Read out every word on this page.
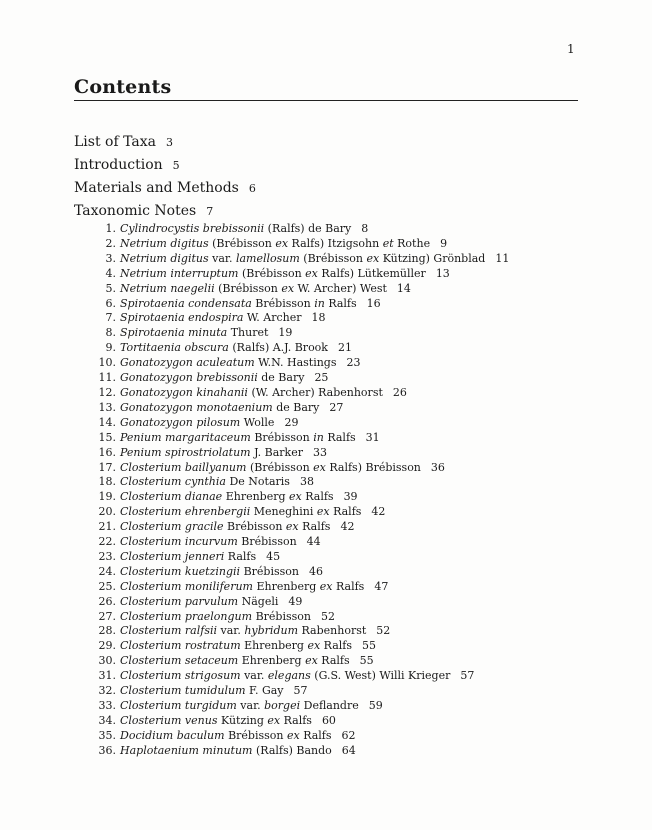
1
Contents
List of Taxa 3
Introduction 5
Materials and Methods 6
Taxonomic Notes 7
1. Cylindrocystis brebissonii (Ralfs) de Bary 8
2. Netrium digitus (Brébisson ex Ralfs) Itzigsohn et Rothe 9
3. Netrium digitus var. lamellosum (Brébisson ex Kützing) Grönblad 11
4. Netrium interruptum (Brébisson ex Ralfs) Lütkemüller 13
5. Netrium naegelii (Brébisson ex W. Archer) West 14
6. Spirotaenia condensata Brébisson in Ralfs 16
7. Spirotaenia endospira W. Archer 18
8. Spirotaenia minuta Thuret 19
9. Tortitaenia obscura (Ralfs) A.J. Brook 21
10. Gonatozygon aculeatum W.N. Hastings 23
11. Gonatozygon brebissonii de Bary 25
12. Gonatozygon kinahanii (W. Archer) Rabenhorst 26
13. Gonatozygon monotaenium de Bary 27
14. Gonatozygon pilosum Wolle 29
15. Penium margaritaceum Brébisson in Ralfs 31
16. Penium spirostriolatum J. Barker 33
17. Closterium baillyanum (Brébisson ex Ralfs) Brébisson 36
18. Closterium cynthia De Notaris 38
19. Closterium dianae Ehrenberg ex Ralfs 39
20. Closterium ehrenbergii Meneghini ex Ralfs 42
21. Closterium gracile Brébisson ex Ralfs 42
22. Closterium incurvum Brébisson 44
23. Closterium jenneri Ralfs 45
24. Closterium kuetzingii Brébisson 46
25. Closterium moniliferum Ehrenberg ex Ralfs 47
26. Closterium parvulum Nägeli 49
27. Closterium praelongum Brébisson 52
28. Closterium ralfsii var. hybridum Rabenhorst 52
29. Closterium rostratum Ehrenberg ex Ralfs 55
30. Closterium setaceum Ehrenberg ex Ralfs 55
31. Closterium strigosum var. elegans (G.S. West) Willi Krieger 57
32. Closterium tumidulum F. Gay 57
33. Closterium turgidum var. borgei Deflandre 59
34. Closterium venus Kützing ex Ralfs 60
35. Docidium baculum Brébisson ex Ralfs 62
36. Haplotaenium minutum (Ralfs) Bando 64
